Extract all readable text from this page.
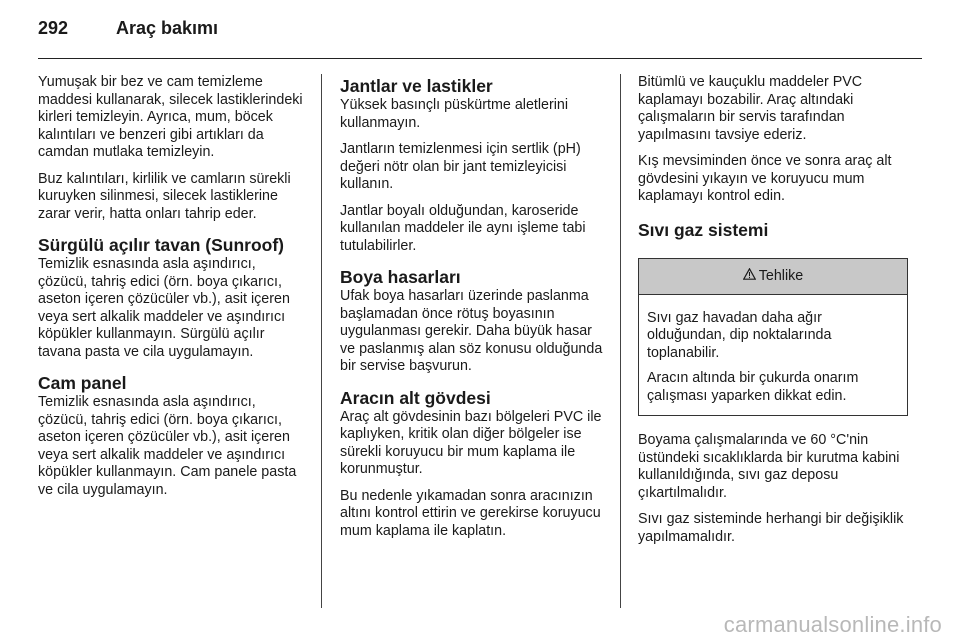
292	Araç bakımı

Yumuşak bir bez ve cam temizleme maddesi kullanarak, silecek lastiklerindeki kirleri temizleyin. Ayrıca, mum, böcek kalıntıları ve benzeri gibi artıkları da camdan mutlaka temizleyin.

Buz kalıntıları, kirlilik ve camların sürekli kuruyken silinmesi, silecek lastiklerine zarar verir, hatta onları tahrip eder.

Sürgülü açılır tavan (Sunroof)

Temizlik esnasında asla aşındırıcı, çözücü, tahriş edici (örn. boya çıkarıcı, aseton içeren çözücüler vb.), asit içeren veya sert alkalik maddeler ve aşındırıcı köpükler kullanmayın. Sürgülü açılır tavana pasta ve cila uygulamayın.

Cam panel

Temizlik esnasında asla aşındırıcı, çözücü, tahriş edici (örn. boya çıkarıcı, aseton içeren çözücüler vb.), asit içeren veya sert alkalik maddeler ve aşındırıcı köpükler kullanmayın. Cam panele pasta ve cila uygulamayın.

Jantlar ve lastikler

Yüksek basınçlı püskürtme aletlerini kullanmayın.

Jantların temizlenmesi için sertlik (pH) değeri nötr olan bir jant temizleyicisi kullanın.

Jantlar boyalı olduğundan, karoseride kullanılan maddeler ile aynı işleme tabi tutulabilirler.

Boya hasarları

Ufak boya hasarları üzerinde paslanma başlamadan önce rötuş boyasının uygulanması gerekir. Daha büyük hasar ve paslanmış alan söz konusu olduğunda bir servise başvurun.

Aracın alt gövdesi

Araç alt gövdesinin bazı bölgeleri PVC ile kaplıyken, kritik olan diğer bölgeler ise sürekli koruyucu bir mum kaplama ile korunmuştur.

Bu nedenle yıkamadan sonra aracınızın altını kontrol ettirin ve gerekirse koruyucu mum kaplama ile kaplatın.

Bitümlü ve kauçuklu maddeler PVC kaplamayı bozabilir. Araç altındaki çalışmaların bir servis tarafından yapılmasını tavsiye ederiz.

Kış mevsiminden önce ve sonra araç alt gövdesini yıkayın ve koruyucu mum kaplamayı kontrol edin.

Sıvı gaz sistemi
Tehlike

Sıvı gaz havadan daha ağır olduğundan, dip noktalarında toplanabilir.

Aracın altında bir çukurda onarım çalışması yaparken dikkat edin.

Boyama çalışmalarında ve 60 °C'nin üstündeki sıcaklıklarda bir kurutma kabini kullanıldığında, sıvı gaz deposu çıkartılmalıdır.

Sıvı gaz sisteminde herhangi bir değişiklik yapılmamalıdır.

carmanualsonline.info
